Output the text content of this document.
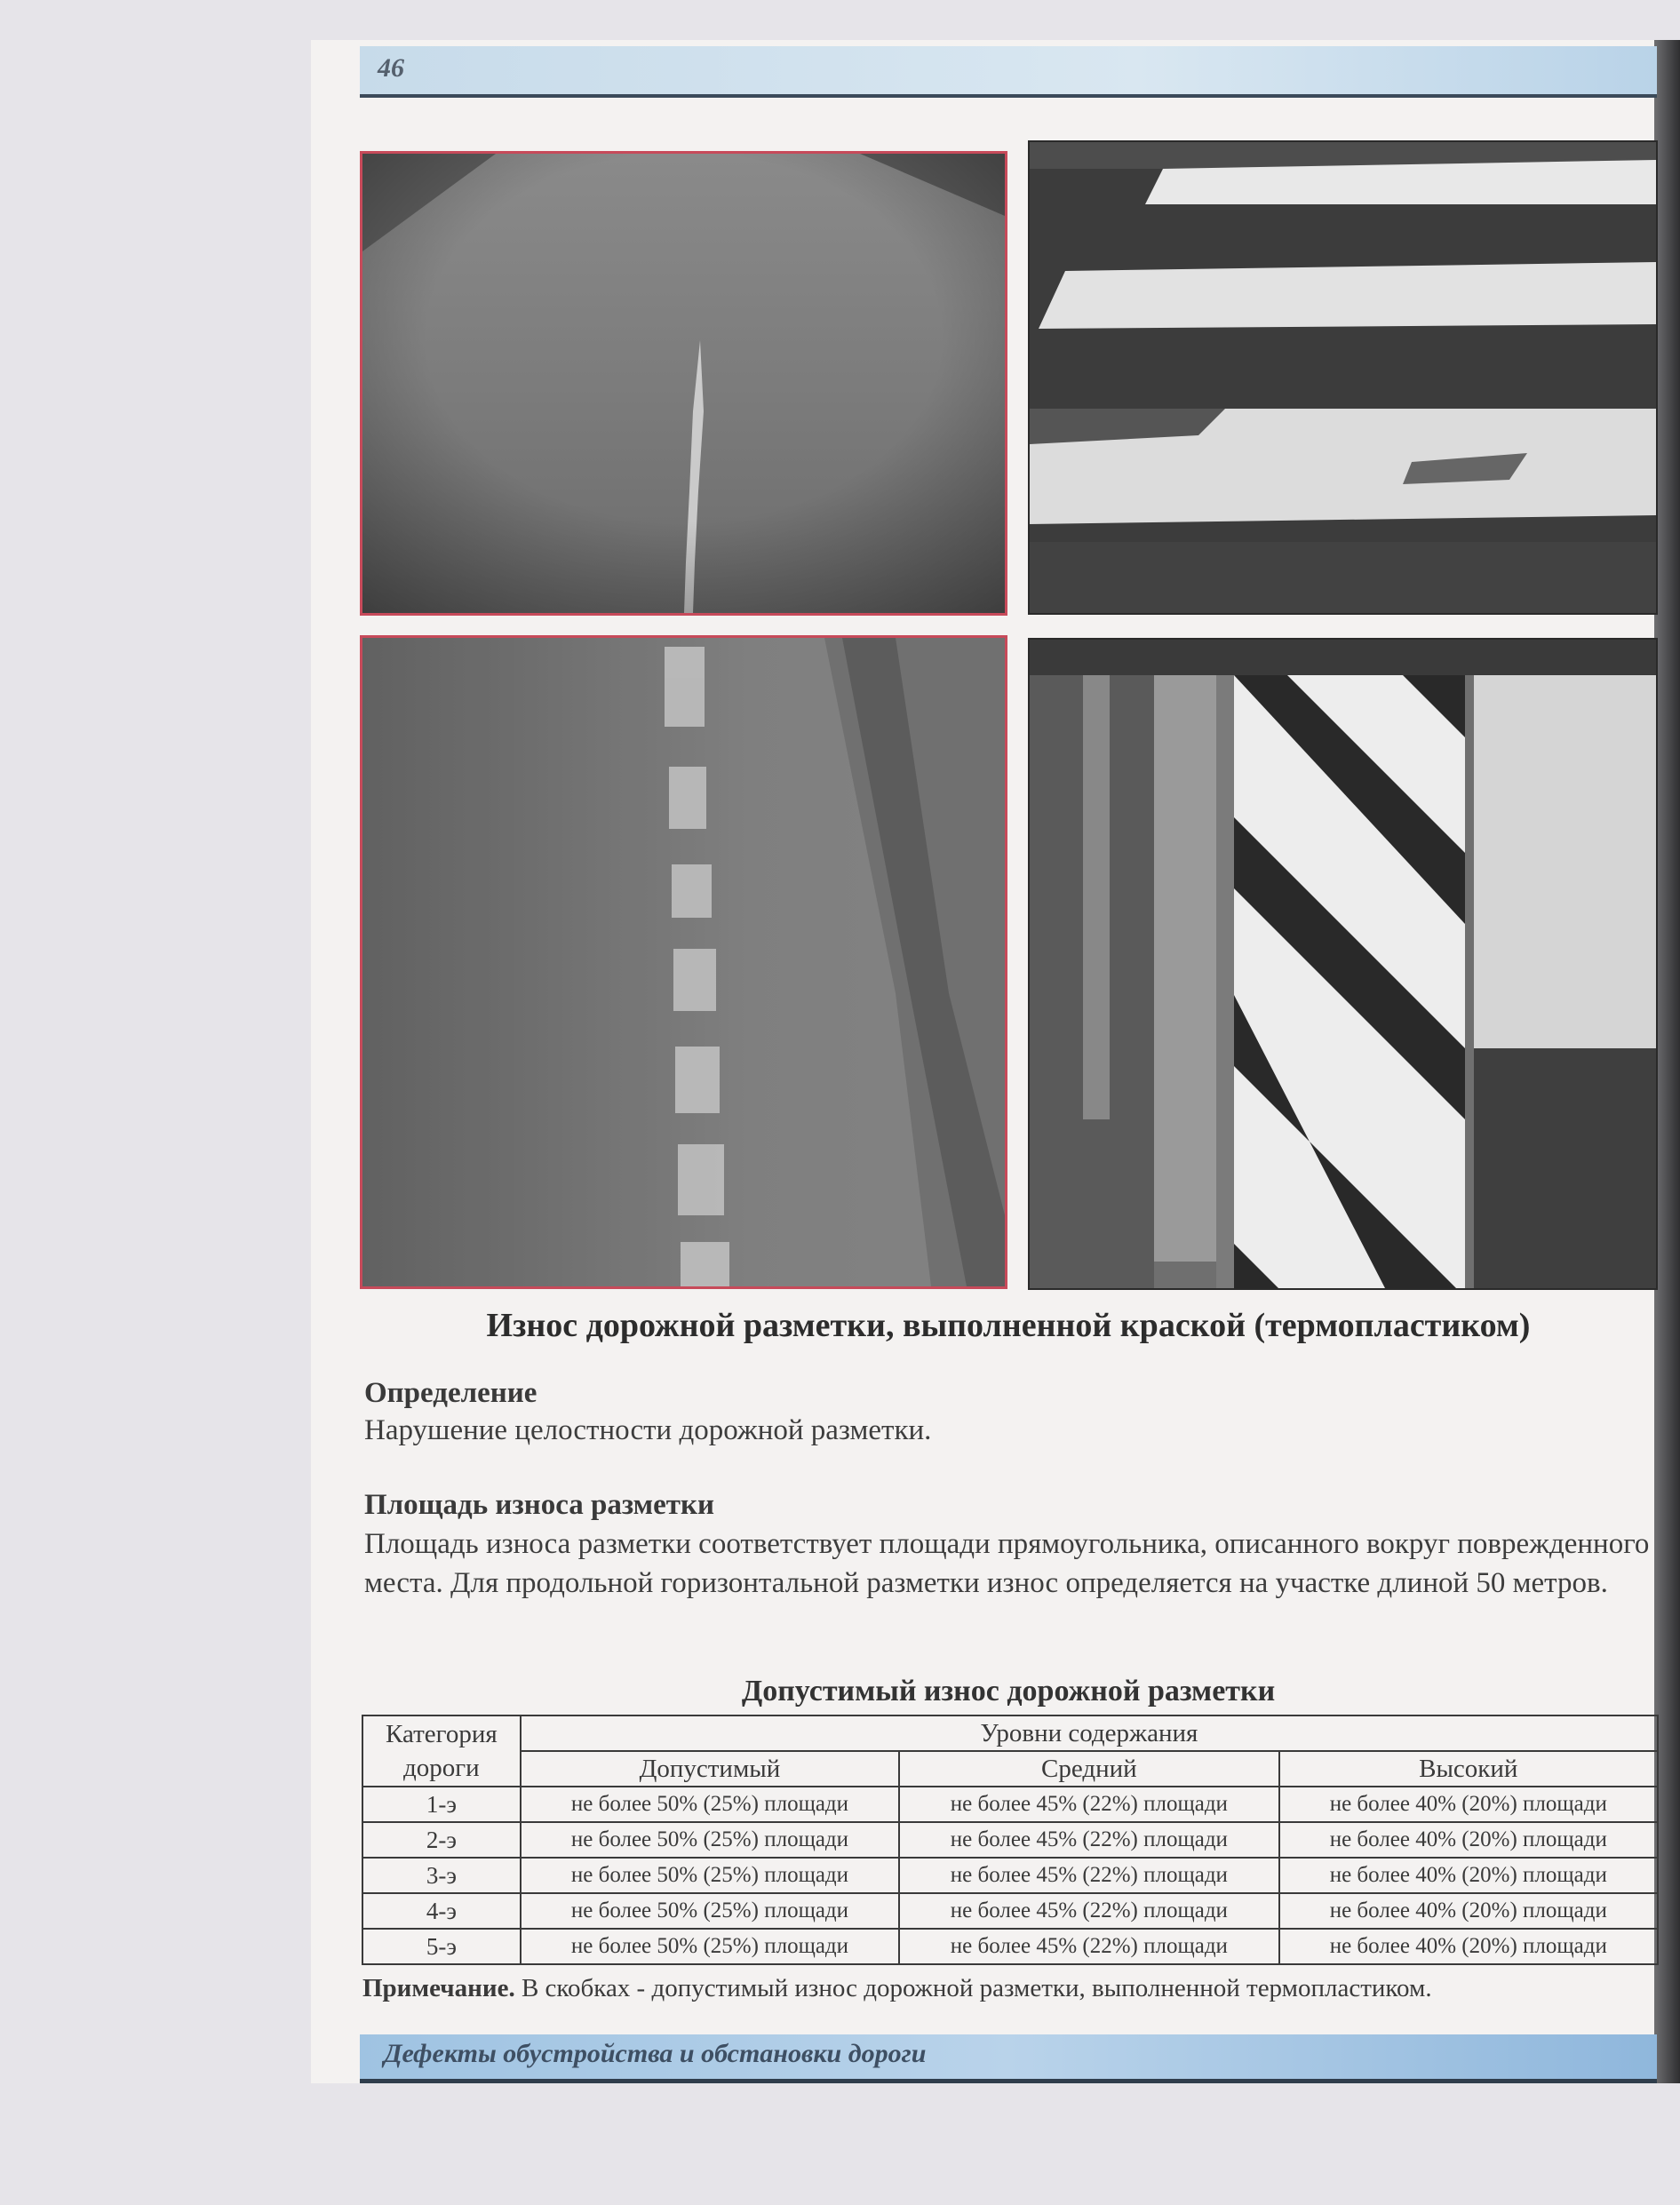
46
Износ дорожной разметки, выполненной краской (термопластиком)
Определение
Нарушение целостности дорожной разметки.
Площадь износа разметки
Площадь износа разметки соответствует площади прямоугольника, описанного вокруг поврежденного места. Для продольной горизонтальной разметки износ определяется на участке длиной 50 метров.
Допустимый износ дорожной разметки
Категория дороги	Уровни содержания		
	Допустимый	Средний	Высокий
1-э	не более 50% (25%) площади	не более 45% (22%) площади	не более 40% (20%) площади
2-э	не более 50% (25%) площади	не более 45% (22%) площади	не более 40% (20%) площади
3-э	не более 50% (25%) площади	не более 45% (22%) площади	не более 40% (20%) площади
4-э	не более 50% (25%) площади	не более 45% (22%) площади	не более 40% (20%) площади
5-э	не более 50% (25%) площади	не более 45% (22%) площади	не более 40% (20%) площади
Примечание. В скобках - допустимый износ дорожной разметки, выполненной термопластиком.
Дефекты обустройства и обстановки дороги
